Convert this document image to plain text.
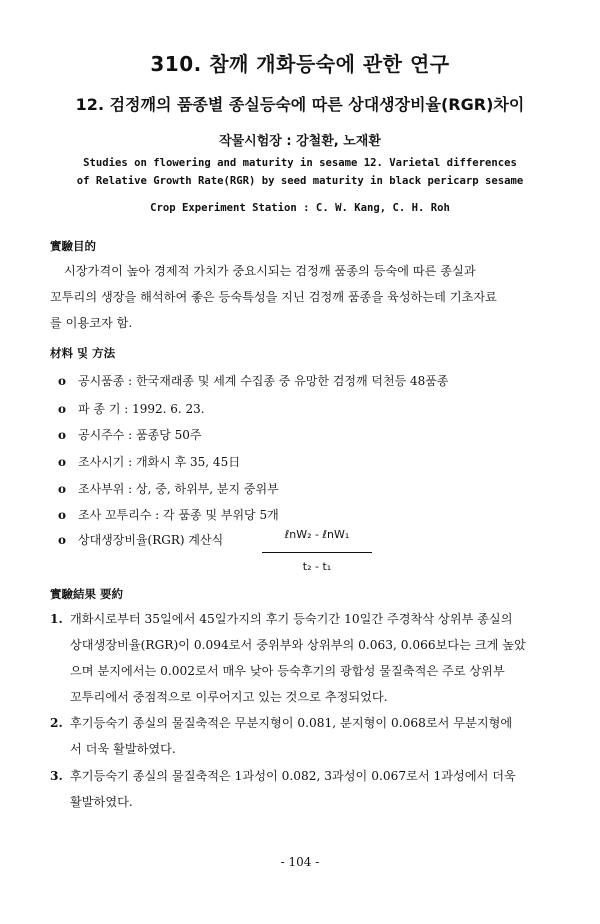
310. 참깨 개화등숙에 관한 연구
12. 검정깨의 품종별 종실등숙에 따른 상대생장비율(RGR)차이
작물시험장 : 강철환, 노재환
Studies on flowering and maturity in sesame 12. Varietal differences
of Relative Growth Rate(RGR) by seed maturity in black pericarp sesame
Crop Experiment Station : C. W. Kang, C. H. Roh
實驗目的
시장가격이 높아 경제적 가치가 중요시되는 검정깨 품종의 등숙에 따른 종실과
꼬투리의 생장을 해석하여 좋은 등숙특성을 지닌 검정깨 품종을 육성하는데 기초자료
를 이용코자 함.
材料 및 方法
o 공시품종 : 한국재래종 및 세계 수집종 중 유망한 검정깨 덕천등 48품종
o 파 종 기 : 1992. 6. 23.
o 공시주수 : 품종당 50주
o 조사시기 : 개화시 후 35, 45日
o 조사부위 : 상, 중, 하위부, 분지 중위부
o 조사 꼬투리수 : 각 품종 및 부위당 5개
o 상대생장비율(RGR) 계산식	ℓnW₂ - ℓnW₁
t₂ - t₁
實驗結果 要約
1. 개화시로부터 35일에서 45일가지의 후기 등숙기간 10일간 주경착삭 상위부 종실의
상대생장비율(RGR)이 0.094로서 중위부와 상위부의 0.063, 0.066보다는 크게 높았
으며 분지에서는 0.002로서 매우 낮아 등숙후기의 광합성 물질축적은 주로 상위부
꼬투리에서 중점적으로 이루어지고 있는 것으로 추정되었다.
2. 후기등숙기 종실의 물질축적은 무분지형이 0.081, 분지형이 0.068로서 무분지형에
서 더욱 활발하였다.
3. 후기등숙기 종실의 물질축적은 1과성이 0.082, 3과성이 0.067로서 1과성에서 더욱
활발하였다.
- 104 -
